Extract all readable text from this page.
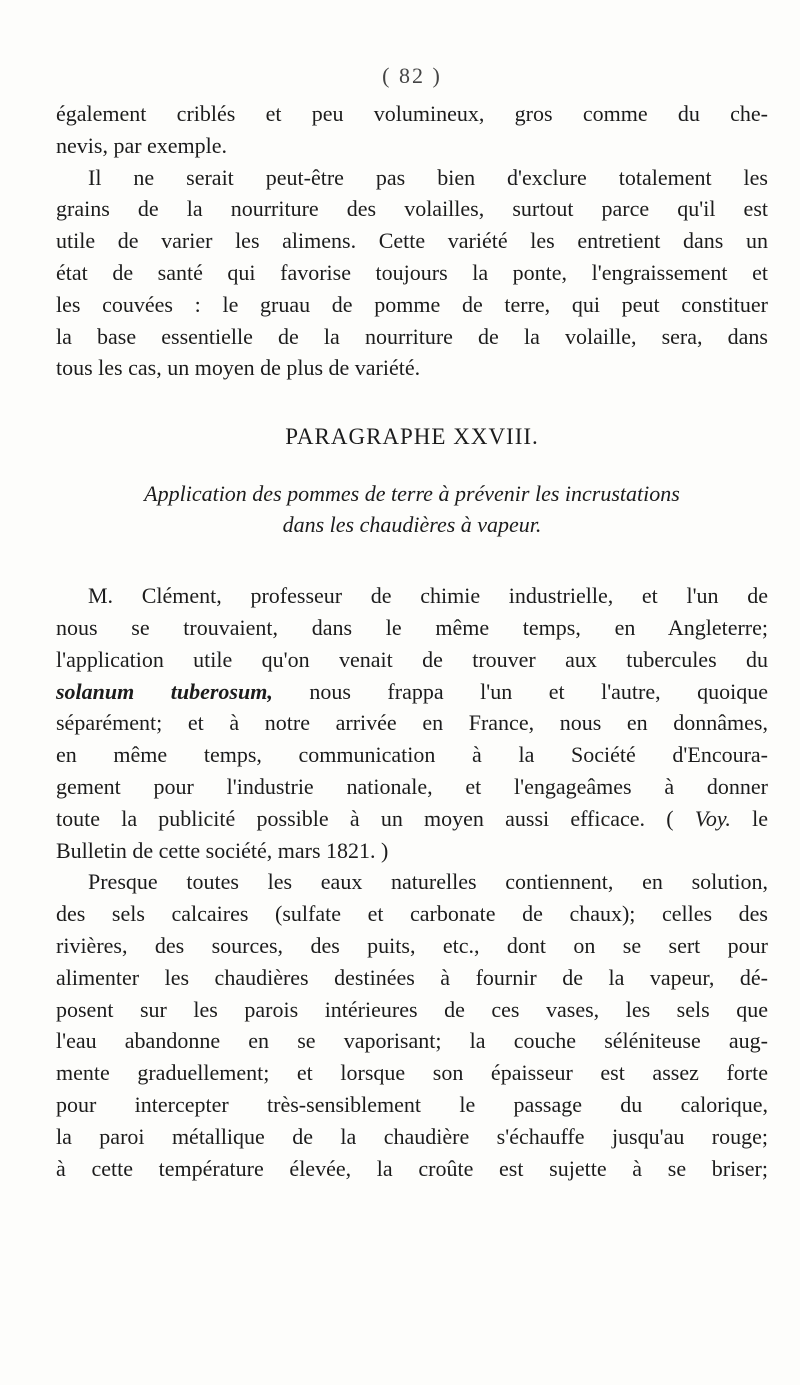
( 82 )

également criblés et peu volumineux, gros comme du che-
nevis, par exemple.

Il ne serait peut-être pas bien d'exclure totalement les
grains de la nourriture des volailles, surtout parce qu'il est
utile de varier les alimens. Cette variété les entretient dans un
état de santé qui favorise toujours la ponte, l'engraissement et
les couvées : le gruau de pomme de terre, qui peut constituer
la base essentielle de la nourriture de la volaille, sera, dans
tous les cas, un moyen de plus de variété.

PARAGRAPHE XXVIII.
Application des pommes de terre à prévenir les incrustations
dans les chaudières à vapeur.

M. Clément, professeur de chimie industrielle, et l'un de
nous se trouvaient, dans le même temps, en Angleterre;
l'application utile qu'on venait de trouver aux tubercules du
solanum tuberosum, nous frappa l'un et l'autre, quoique
séparément; et à notre arrivée en France, nous en donnâmes,
en même temps, communication à la Société d'Encoura-
gement pour l'industrie nationale, et l'engageâmes à donner
toute la publicité possible à un moyen aussi efficace. ( Voy. le
Bulletin de cette société, mars 1821. )

Presque toutes les eaux naturelles contiennent, en solution,
des sels calcaires (sulfate et carbonate de chaux); celles des
rivières, des sources, des puits, etc., dont on se sert pour
alimenter les chaudières destinées à fournir de la vapeur, dé-
posent sur les parois intérieures de ces vases, les sels que
l'eau abandonne en se vaporisant; la couche séléniteuse aug-
mente graduellement; et lorsque son épaisseur est assez forte
pour intercepter très-sensiblement le passage du calorique,
la paroi métallique de la chaudière s'échauffe jusqu'au rouge;
à cette température élevée, la croûte est sujette à se briser;
